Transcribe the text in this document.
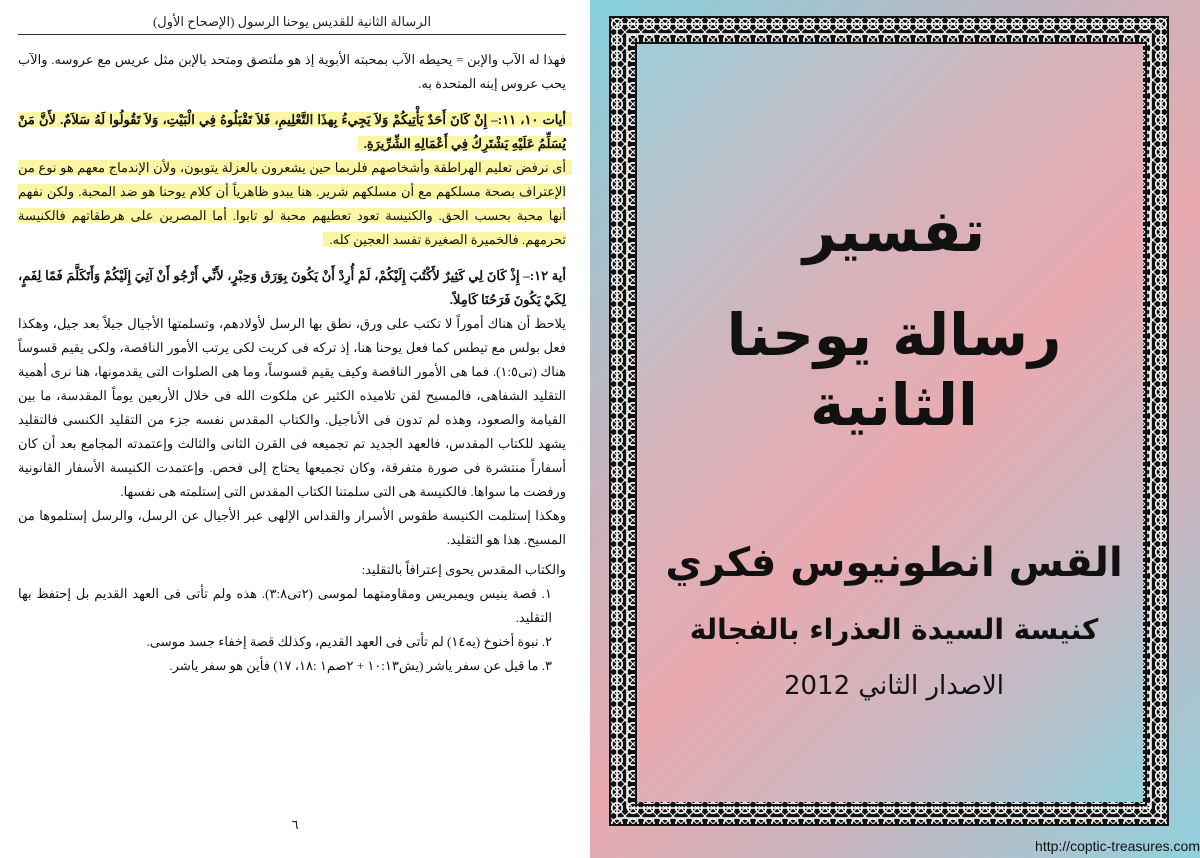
الرسالة الثانية للقديس يوحنا الرسول (الإصحاح الأول)

فهذا له الآب والإبن = يحيطه الآب بمحبته الأبوية إذ هو ملتصق ومتحد بالإبن مثل عريس مع عروسه. والآب يحب عروس إبنه المتحدة به.

أيات ١٠، ١١:– إِنْ كَانَ أَحَدٌ يَأْتِيكُمْ وَلاَ يَجِيءُ بِهذَا التَّعْلِيمِ، فَلاَ تَقْبَلُوهُ فِي الْبَيْتِ، وَلاَ تَقُولُوا لَهُ سَلاَمٌ. لأَنَّ مَنْ يُسَلِّمُ عَلَيْهِ يَشْتَرِكُ فِي أَعْمَالِهِ الشِّرِّيرَةِ.

أى نرفض تعليم الهراطقة وأشخاصهم فلربما حين يشعرون بالعزلة يتوبون، ولأن الإندماج معهم هو نوع من الإعتراف بصحة مسلكهم مع أن مسلكهم شرير. هنا يبدو ظاهرياً أن كلام يوحنا هو ضد المحبة. ولكن نفهم أنها محبة بحسب الحق. والكنيسة تعود تعطيهم محبة لو تابوا. أما المصرين على هرطقاتهم فالكنيسة تحرمهم. فالخميرة الصغيرة تفسد العجين كله.

أية ١٢:– إِذْ كَانَ لِي كَثِيرٌ لأَكْتُبَ إِلَيْكُمْ، لَمْ أُرِدْ أَنْ يَكُونَ بِوَرَق وَحِبْرٍ، لأَنِّي أَرْجُو أَنْ آتِيَ إِلَيْكُمْ وَأَتَكَلَّمَ فَمًا لِفَمٍ، لِكَيْ يَكُونَ فَرَحُنَا كَامِلاً.

يلاحظ أن هناك أموراً لا تكتب على ورق، نطق بها الرسل لأولادهم، وتسلمتها الأجيال جيلاً بعد جيل، وهكذا فعل بولس مع تيطس كما فعل يوحنا هنا، إذ تركه فى كريت لكى يرتب الأمور الناقصة، ولكى يقيم قسوساً هناك (تى١:٥). فما هى الأمور الناقصة وكيف يقيم قسوساً، وما هى الصلوات التى يقدمونها، هنا نرى أهمية التقليد الشفاهى، فالمسيح لقن تلاميذه الكثير عن ملكوت الله فى خلال الأربعين يوماً المقدسة، ما بين القيامة والصعود، وهذه لم تدون فى الأناجيل. والكتاب المقدس نفسه جزء من التقليد الكنسى فالتقليد يشهد للكتاب المقدس، فالعهد الجديد تم تجميعه فى القرن الثانى والثالث وإعتمدته المجامع بعد أن كان أسفاراً منتشرة فى صورة متفرقة، وكان تجميعها يحتاج إلى فحص. وإعتمدت الكنيسة الأسفار القانونية ورفضت ما سواها. فالكنيسة هى التى سلمتنا الكتاب المقدس التى إستلمته هى نفسها.

وهكذا إستلمت الكنيسة طقوس الأسرار والقداس الإلهى عبر الأجيال عن الرسل، والرسل إستلموها من المسيح. هذا هو التقليد.

والكتاب المقدس يحوى إعترافاً بالتقليد:

١. قصة ينيس ويمبريس ومقاومتهما لموسى (٢تى٣:٨). هذه ولم تأتى فى العهد القديم بل إحتفظ بها التقليد.

٢. نبوة أخنوخ (يه١٤) لم تأتى فى العهد القديم، وكذلك قصة إخفاء جسد موسى.

٣. ما قيل عن سفر ياشر (يش١٠:١٣ + ٢صم١ :١٨، ١٧) فأين هو سفر ياشر.

٦
تفسير
رسالة يوحنا الثانية
القس انطونيوس فكري
كنيسة السيدة العذراء بالفجالة
الاصدار الثاني 2012
http://coptic-treasures.com
